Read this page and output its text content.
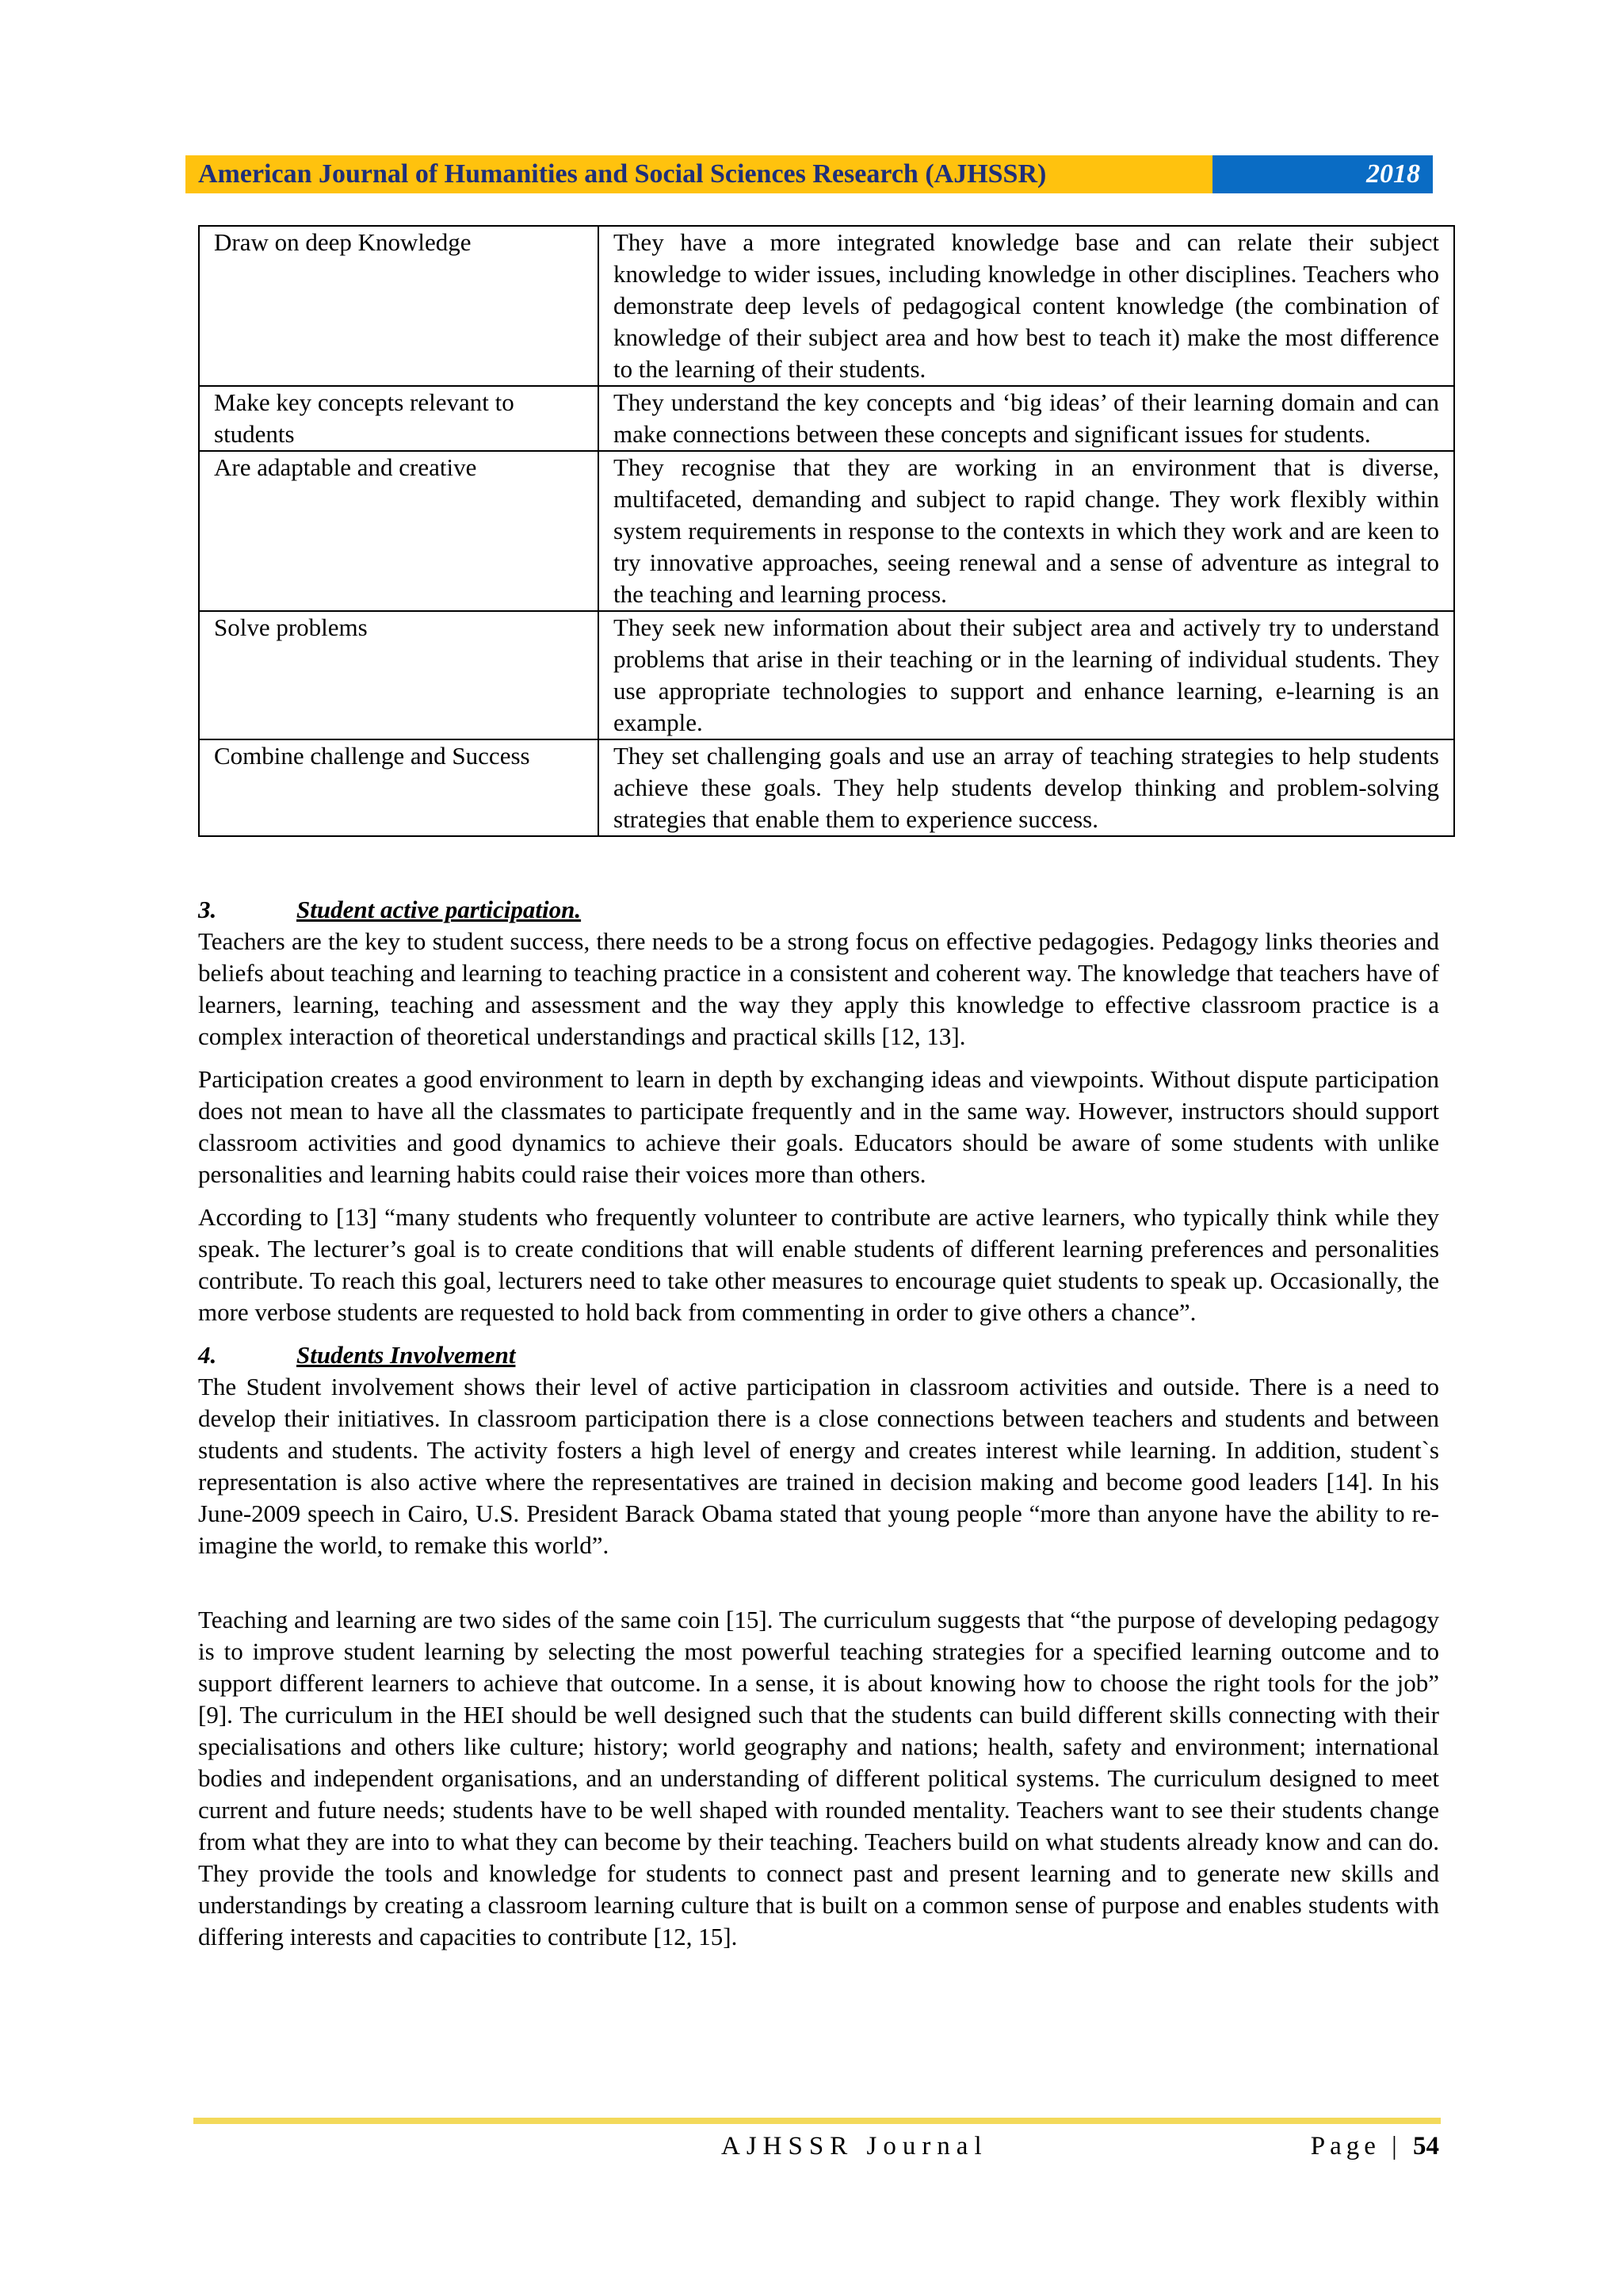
American Journal of Humanities and Social Sciences Research (AJHSSR)	2018
Draw on deep Knowledge	They have a more integrated knowledge base and can relate their subject knowledge to wider issues, including knowledge in other disciplines. Teachers who demonstrate deep levels of pedagogical content knowledge (the combination of knowledge of their subject area and how best to teach it) make the most difference to the learning of their students.
Make key concepts relevant to students	They understand the key concepts and ‘big ideas’ of their learning domain and can make connections between these concepts and significant issues for students.
Are adaptable and creative	They recognise that they are working in an environment that is diverse, multifaceted, demanding and subject to rapid change. They work flexibly within system requirements in response to the contexts in which they work and are keen to try innovative approaches, seeing renewal and a sense of adventure as integral to the teaching and learning process.
Solve problems	They seek new information about their subject area and actively try to understand problems that arise in their teaching or in the learning of individual students. They use appropriate technologies to support and enhance learning, e-learning is an example.
Combine challenge and Success	They set challenging goals and use an array of teaching strategies to help students achieve these goals. They help students develop thinking and problem-solving strategies that enable them to experience success.
3.	Student active participation.

Teachers are the key to student success, there needs to be a strong focus on effective pedagogies. Pedagogy links theories and beliefs about teaching and learning to teaching practice in a consistent and coherent way. The knowledge that teachers have of learners, learning, teaching and assessment and the way they apply this knowledge to effective classroom practice is a complex interaction of theoretical understandings and practical skills [12, 13].

Participation creates a good environment to learn in depth by exchanging ideas and viewpoints. Without dispute participation does not mean to have all the classmates to participate frequently and in the same way. However, instructors should support classroom activities and good dynamics to achieve their goals. Educators should be aware of some students with unlike personalities and learning habits could raise their voices more than others.

According to [13] “many students who frequently volunteer to contribute are active learners, who typically think while they speak. The lecturer’s goal is to create conditions that will enable students of different learning preferences and personalities contribute. To reach this goal, lecturers need to take other measures to encourage quiet students to speak up. Occasionally, the more verbose students are requested to hold back from commenting in order to give others a chance”.

4.	Students Involvement

The Student involvement shows their level of active participation in classroom activities and outside. There is a need to develop their initiatives. In classroom participation there is a close connections between teachers and students and between students and students. The activity fosters a high level of energy and creates interest while learning. In addition, student`s representation is also active where the representatives are trained in decision making and become good leaders [14]. In his June-2009 speech in Cairo, U.S. President Barack Obama stated that young people “more than anyone have the ability to re-imagine the world, to remake this world”.

Teaching and learning are two sides of the same coin [15]. The curriculum suggests that “the purpose of developing pedagogy is to improve student learning by selecting the most powerful teaching strategies for a specified learning outcome and to support different learners to achieve that outcome. In a sense, it is about knowing how to choose the right tools for the job” [9]. The curriculum in the HEI should be well designed such that the students can build different skills connecting with their specialisations and others like culture; history; world geography and nations; health, safety and environment; international bodies and independent organisations, and an understanding of different political systems. The curriculum designed to meet current and future needs; students have to be well shaped with rounded mentality. Teachers want to see their students change from what they are into to what they can become by their teaching. Teachers build on what students already know and can do. They provide the tools and knowledge for students to connect past and present learning and to generate new skills and understandings by creating a classroom learning culture that is built on a common sense of purpose and enables students with differing interests and capacities to contribute [12, 15].

AJHSSR Journal	Page | 54
